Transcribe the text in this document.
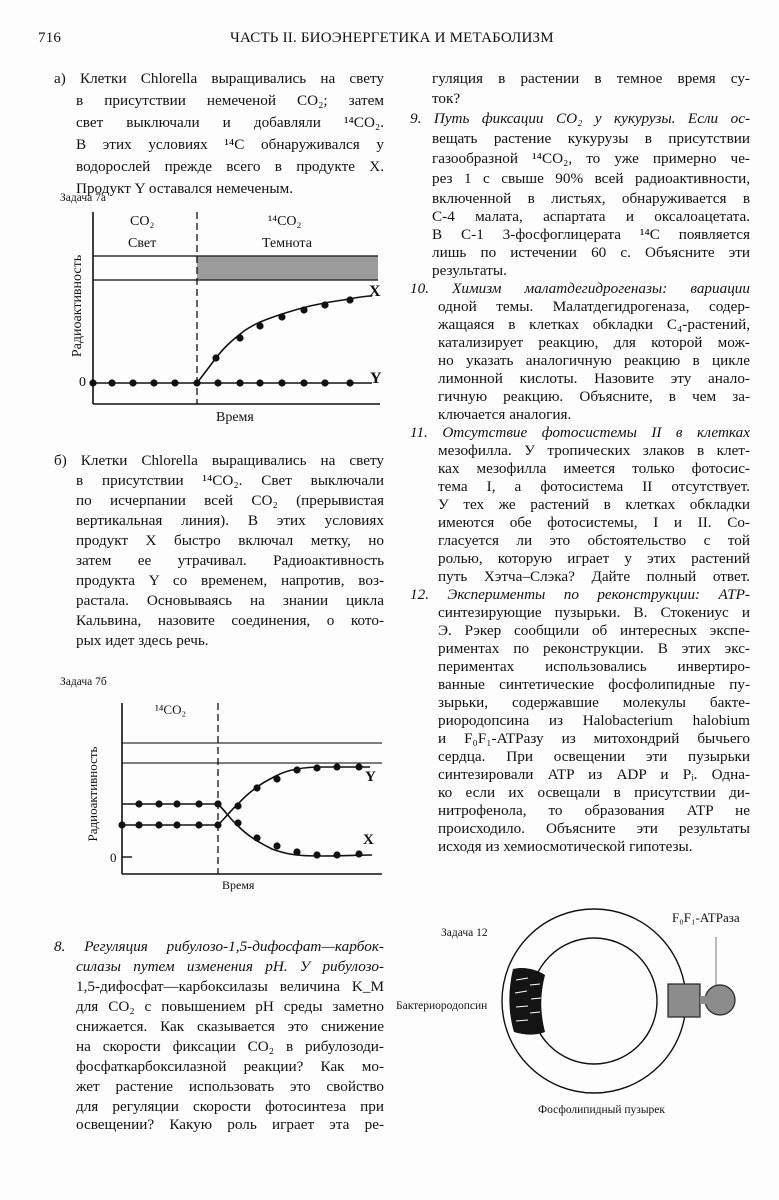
716	ЧАСТЬ II. БИОЭНЕРГЕТИКА И МЕТАБОЛИЗМ
а) Клетки Chlorella выращивались на свету
в присутствии немеченой CO₂; затем
свет выключали и добавляли ¹⁴CO₂.
В этих условиях ¹⁴C обнаруживался у
водорослей прежде всего в продукте X.
Продукт Y оставался немеченым.
Задача 7а
CO₂
Свет
¹⁴CO₂
Темнота
Радиоактивность
0
X
Y
Время
б) Клетки Chlorella выращивались на свету
в присутствии ¹⁴CO₂. Свет выключали
по исчерпании всей CO₂ (прерывистая
вертикальная линия). В этих условиях
продукт X быстро включал метку, но
затем ее утрачивал. Радиоактивность
продукта Y со временем, напротив, воз-
растала. Основываясь на знании цикла
Кальвина, назовите соединения, о кото-
рых идет здесь речь.
Задача 7б
¹⁴CO₂
Радиоактивность
0
Y
X
Время
8. Регуляция рибулозо-1,5-дифосфат—карбок-
силазы путем изменения pH. У рибулозо-
1,5-дифосфат—карбоксилазы величина K_M
для CO₂ с повышением pH среды заметно
снижается. Как сказывается это снижение
на скорости фиксации CO₂ в рибулозоди-
фосфаткарбоксилазной реакции? Как мо-
жет растение использовать это свойство
для регуляции скорости фотосинтеза при
освещении? Какую роль играет эта ре-
гуляция в растении в темное время су-
ток?
9. Путь фиксации CO₂ у кукурузы. Если ос-
вещать растение кукурузы в присутствии
газообразной ¹⁴CO₂, то уже примерно че-
рез 1 с свыше 90% всей радиоактивности,
включенной в листьях, обнаруживается в
C-4 малата, аспартата и оксалоацетата.
В C-1 3-фосфоглицерата ¹⁴C появляется
лишь по истечении 60 с. Объясните эти
результаты.
10. Химизм малатдегидрогеназы: вариации
одной темы. Малатдегидрогеназа, содер-
жащаяся в клетках обкладки C₄-растений,
катализирует реакцию, для которой мож-
но указать аналогичную реакцию в цикле
лимонной кислоты. Назовите эту анало-
гичную реакцию. Объясните, в чем за-
ключается аналогия.
11. Отсутствие фотосистемы II в клетках
мезофилла. У тропических злаков в клет-
ках мезофилла имеется только фотосис-
тема I, а фотосистема II отсутствует.
У тех же растений в клетках обкладки
имеются обе фотосистемы, I и II. Со-
гласуется ли это обстоятельство с той
ролью, которую играет у этих растений
путь Хэтча–Слэка? Дайте полный ответ.
12. Эксперименты по реконструкции: ATP-
синтезирующие пузырьки. В. Стокениус и
Э. Рэкер сообщили об интересных экспе-
риментах по реконструкции. В этих экс-
периментах использовались инвертиро-
ванные синтетические фосфолипидные пу-
зырьки, содержавшие молекулы бакте-
риородопсина из Halobacterium halobium
и F₀F₁-ATPазу из митохондрий бычьего
сердца. При освещении эти пузырьки
синтезировали ATP из ADP и Pᵢ. Одна-
ко если их освещали в присутствии ди-
нитрофенола, то образования ATP не
происходило. Объясните эти результаты
исходя из хемиосмотической гипотезы.
Задача 12
F₀F₁-ATPаза
Бактериородопсин
Фосфолипидный пузырек
